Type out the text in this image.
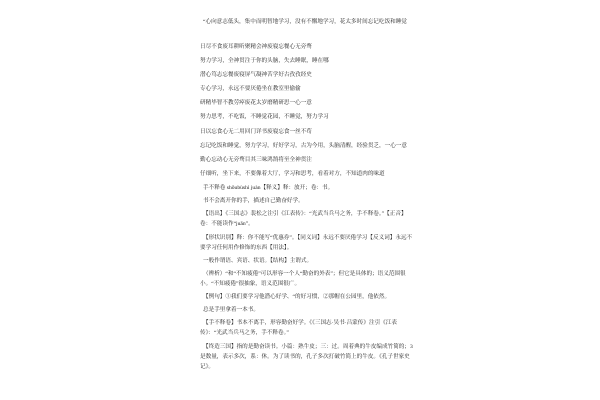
“心向意志低头，集中而明智地学习，没有不懈地学习，花太多时间忘记吃饭和睡觉

日尽不食废耳耕昕聚精会神废寝忘餐心无旁骛

努力学习，全神贯注于你的头脑，失去睡眠，睡在哪

潜心笃志忘餐废寝屏气凝神苦学好古孜孜经史

专心学习，永远不要厌倦坐在教室里偷偷

研精毕智不教劳瘁废花太岁磨精研思一心一意

努力思考，不吃饭，不睡觉花园，不睡觉，努力学习

日以忘食心无二用回门详书废寝忘食一丝不苟

忘记吃饭和睡觉，努力学习，好好学习，古为今用，头脑清醒，经验贯乏，一心一意

勤心忘动心无旁骛目其三味鸿鹄将至全神贯注

仔细听，坐下来，不要像着大厅，学习和思考，看着对方，不知道肉的味道

手不释卷 shǒubùshì juàn【释义】释：放开；卷：书。

书不会离开你的手，描述自己勤奋好学。

【语出】《三国志》裴松之注引《江表传》：“光武当兵马之务，手不释卷。”【正音】卷：不能读作“juǎn”。

【形状识别】释：你不能写“优惠券”。【同义词】永远不要厌倦学习【反义词】永远不要学习任何用作修饰的东西【用法】。

一般作谓语、宾语、状语。【结构】主谓式。

（辨析）“和“不知疲倦”可以形容一个人“勤奋的外表”；但它是具体的；语义范围很小。“不知疲倦”很抽象，语义范围很广。

【例句】①我们要学习他潜心好学、“的好习惯，②那帽在公园里，他依然。

总是手里拿着一本书。

【手不释卷】书本不离手，形容勤奋好学。《《三国志·吴书·吕蒙传》注引《江表传》：“光武当兵马之务，手不释卷。”

【终造三国】指的是勤奋读书。小篇：熟牛皮；三：过。周着典的牛皮编成竹简的；3是数量，表示多次，系：休。为了读书的，孔子多次打破竹简上的牛皮。《孔子世家史记》。
